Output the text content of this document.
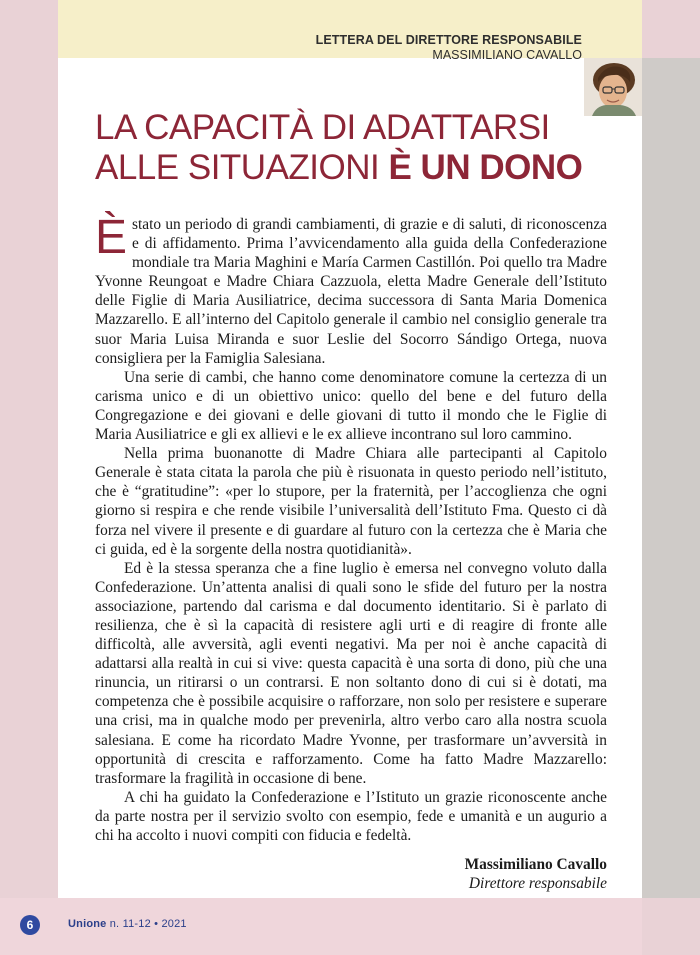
LETTERA DEL DIRETTORE RESPONSABILE
MASSIMILIANO CAVALLO
LA CAPACITÀ DI ADATTARSI
ALLE SITUAZIONI È UN DONO

È stato un periodo di grandi cambiamenti, di grazie e di saluti, di riconoscenza e di affidamento. Prima l’avvicendamento alla guida della Confederazione mondiale tra Maria Maghini e María Carmen Castillón. Poi quello tra Madre Yvonne Reungoat e Madre Chiara Cazzuola, eletta Madre Generale dell’Istituto delle Figlie di Maria Ausiliatrice, decima successora di Santa Maria Domenica Mazzarello. E all’interno del Capitolo generale il cambio nel consiglio generale tra suor Maria Luisa Miranda e suor Leslie del Socorro Sándigo Ortega, nuova consigliera per la Famiglia Salesiana.

Una serie di cambi, che hanno come denominatore comune la certezza di un carisma unico e di un obiettivo unico: quello del bene e del futuro della Congregazione e dei giovani e delle giovani di tutto il mondo che le Figlie di Maria Ausiliatrice e gli ex allievi e le ex allieve incontrano sul loro cammino.

Nella prima buonanotte di Madre Chiara alle partecipanti al Capitolo Generale è stata citata la parola che più è risuonata in questo periodo nell’istituto, che è “gratitudine”: «per lo stupore, per la fraternità, per l’accoglienza che ogni giorno si respira e che rende visibile l’universalità dell’Istituto Fma. Questo ci dà forza nel vivere il presente e di guardare al futuro con la certezza che è Maria che ci guida, ed è la sorgente della nostra quotidianità».

Ed è la stessa speranza che a fine luglio è emersa nel convegno voluto dalla Confederazione. Un’attenta analisi di quali sono le sfide del futuro per la nostra associazione, partendo dal carisma e dal documento identitario. Si è parlato di resilienza, che è sì la capacità di resistere agli urti e di reagire di fronte alle difficoltà, alle avversità, agli eventi negativi. Ma per noi è anche capacità di adattarsi alla realtà in cui si vive: questa capacità è una sorta di dono, più che una rinuncia, un ritirarsi o un contrarsi. E non soltanto dono di cui si è dotati, ma competenza che è possibile acquisire o rafforzare, non solo per resistere e superare una crisi, ma in qualche modo per prevenirla, altro verbo caro alla nostra scuola salesiana. E come ha ricordato Madre Yvonne, per trasformare un’avversità in opportunità di crescita e rafforzamento. Come ha fatto Madre Mazzarello: trasformare la fragilità in occasione di bene.

A chi ha guidato la Confederazione e l’Istituto un grazie riconoscente anche da parte nostra per il servizio svolto con esempio, fede e umanità e un augurio a chi ha accolto i nuovi compiti con fiducia e fedeltà.

Massimiliano Cavallo
Direttore responsabile
6	Unione n. 11-12 • 2021
